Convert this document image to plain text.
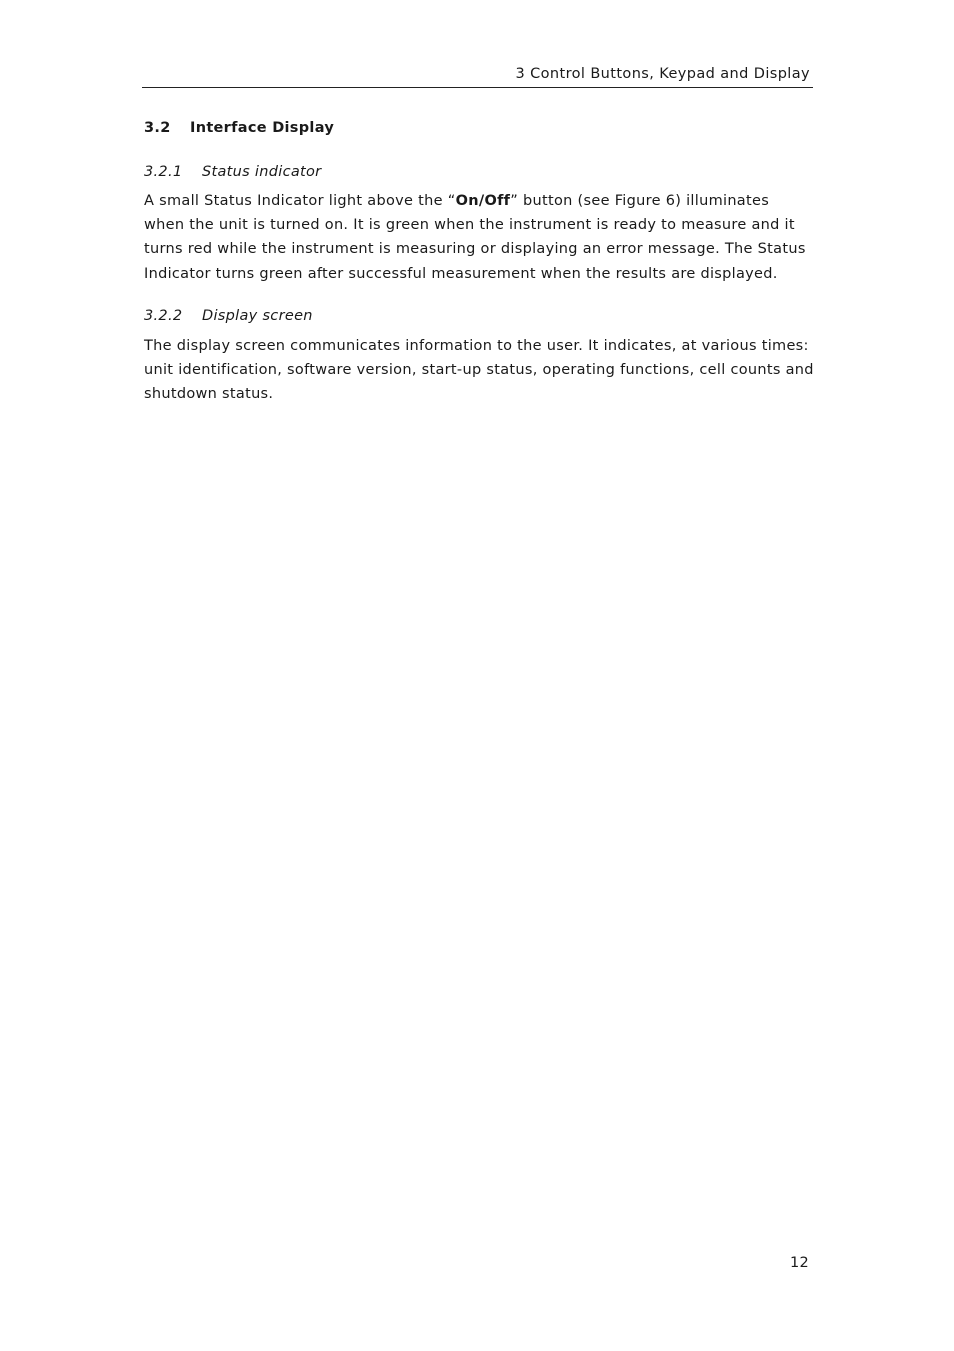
3 Control Buttons, Keypad and Display
3.2 Interface Display
3.2.1 Status indicator

A small Status Indicator light above the “On/Off” button (see Figure 6) illuminates
when the unit is turned on. It is green when the instrument is ready to measure and it
turns red while the instrument is measuring or displaying an error message. The Status
Indicator turns green after successful measurement when the results are displayed.

3.2.2 Display screen

The display screen communicates information to the user. It indicates, at various times:
unit identification, software version, start-up status, operating functions, cell counts and
shutdown status.

12
